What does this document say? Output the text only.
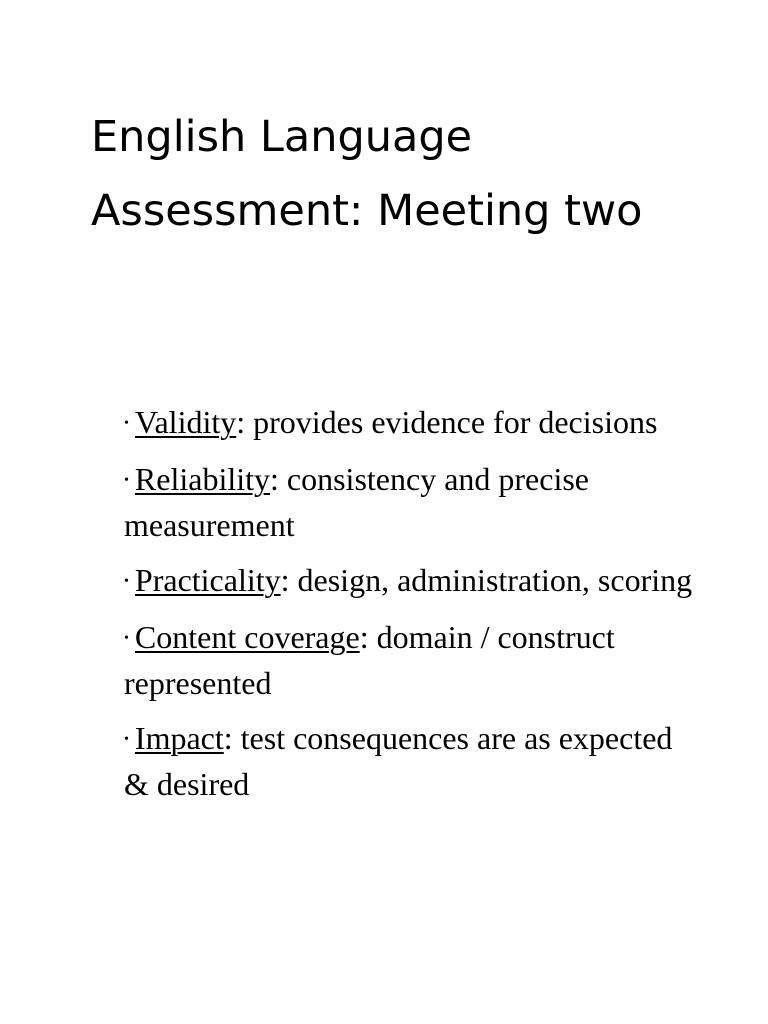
English Language Assessment: Meeting two
• Validity: provides evidence for decisions
• Reliability: consistency and precise measurement
• Practicality: design, administration, scoring
• Content coverage: domain / construct represented
• Impact: test consequences are as expected & desired
